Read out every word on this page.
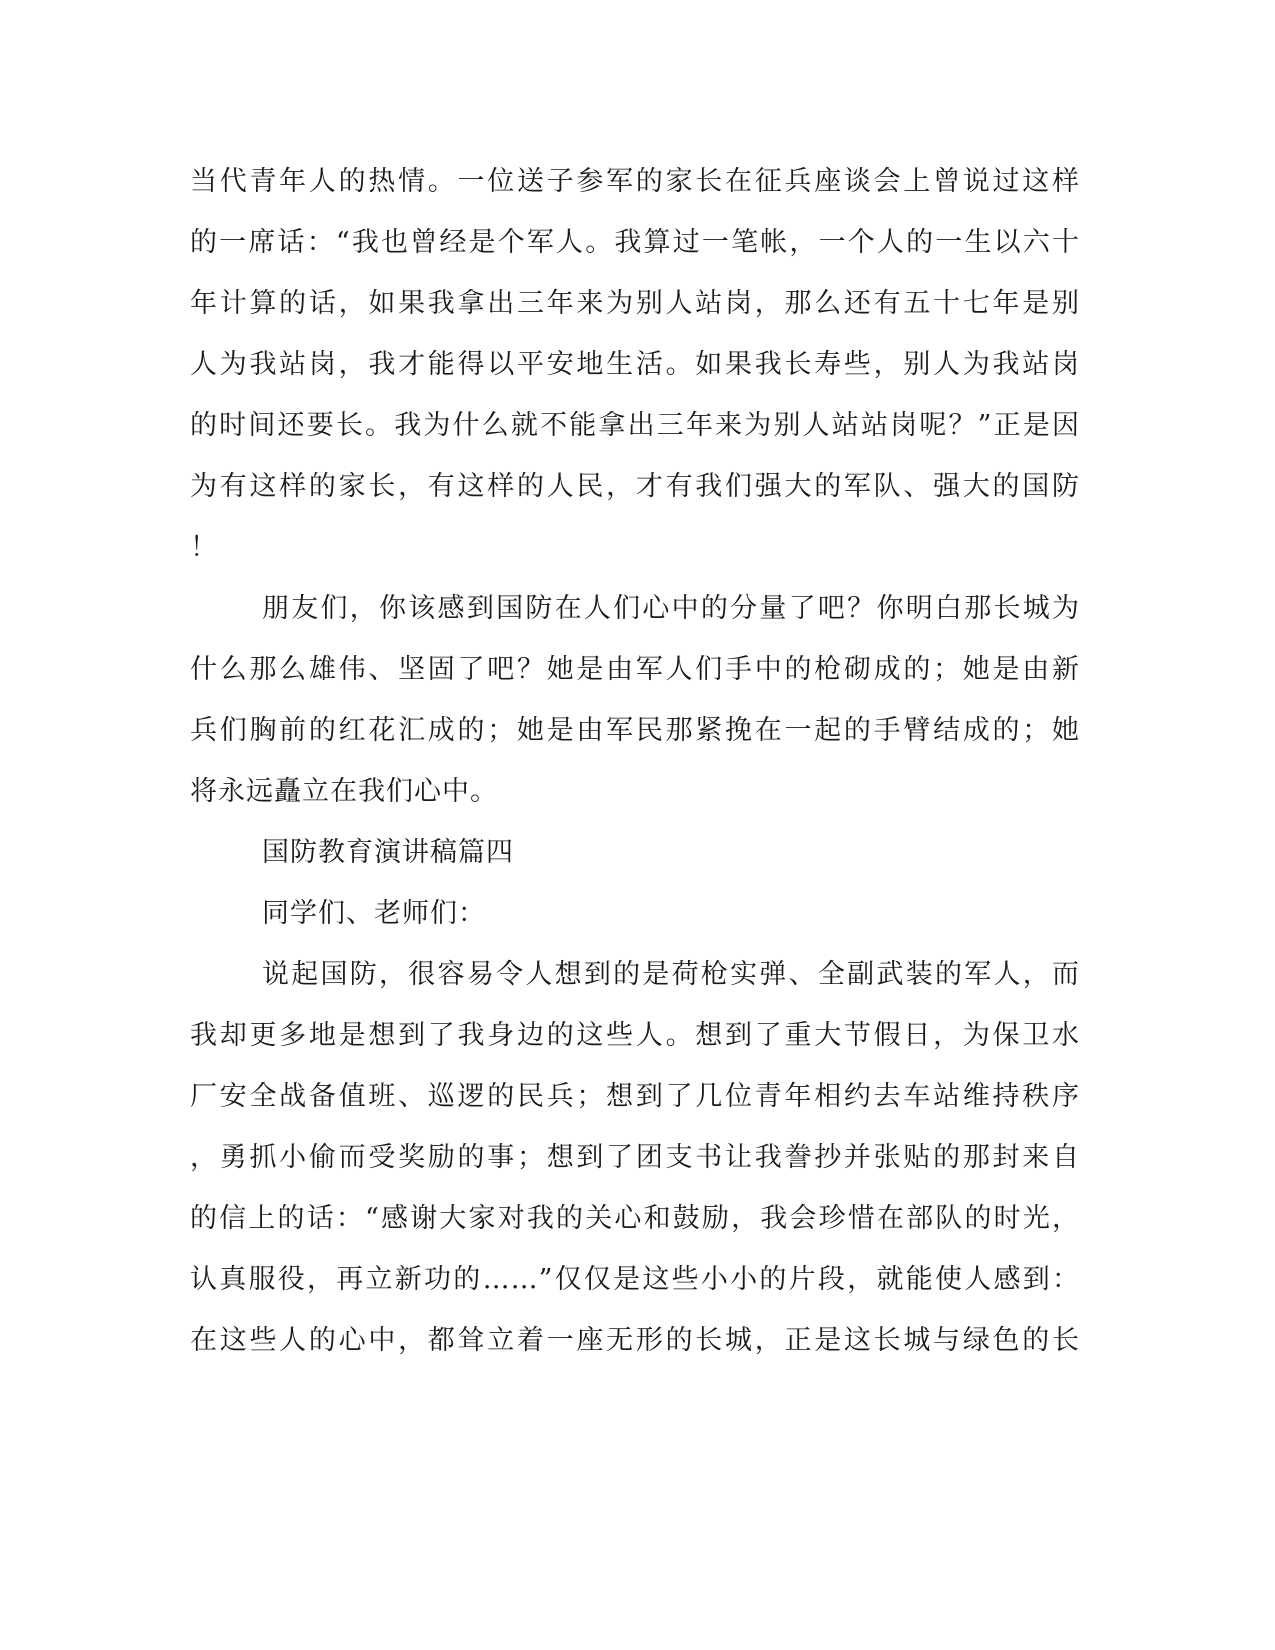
当代青年人的热情。一位送子参军的家长在征兵座谈会上曾说过这样
的一席话：“我也曾经是个军人。我算过一笔帐，一个人的一生以六十
年计算的话，如果我拿出三年来为别人站岗，那么还有五十七年是别
人为我站岗，我才能得以平安地生活。如果我长寿些，别人为我站岗
的时间还要长。我为什么就不能拿出三年来为别人站站岗呢？”正是因
为有这样的家长，有这样的人民，才有我们强大的军队、强大的国防
！
朋友们，你该感到国防在人们心中的分量了吧？你明白那长城为
什么那么雄伟、坚固了吧？她是由军人们手中的枪砌成的；她是由新
兵们胸前的红花汇成的；她是由军民那紧挽在一起的手臂结成的；她
将永远矗立在我们心中。
国防教育演讲稿篇四
同学们、老师们：
说起国防，很容易令人想到的是荷枪实弹、全副武装的军人，而
我却更多地是想到了我身边的这些人。想到了重大节假日，为保卫水
厂安全战备值班、巡逻的民兵；想到了几位青年相约去车站维持秩序
，勇抓小偷而受奖励的事；想到了团支书让我誊抄并张贴的那封来自
的信上的话：“感谢大家对我的关心和鼓励，我会珍惜在部队的时光，
认真服役，再立新功的……”仅仅是这些小小的片段，就能使人感到：
在这些人的心中，都耸立着一座无形的长城，正是这长城与绿色的长
